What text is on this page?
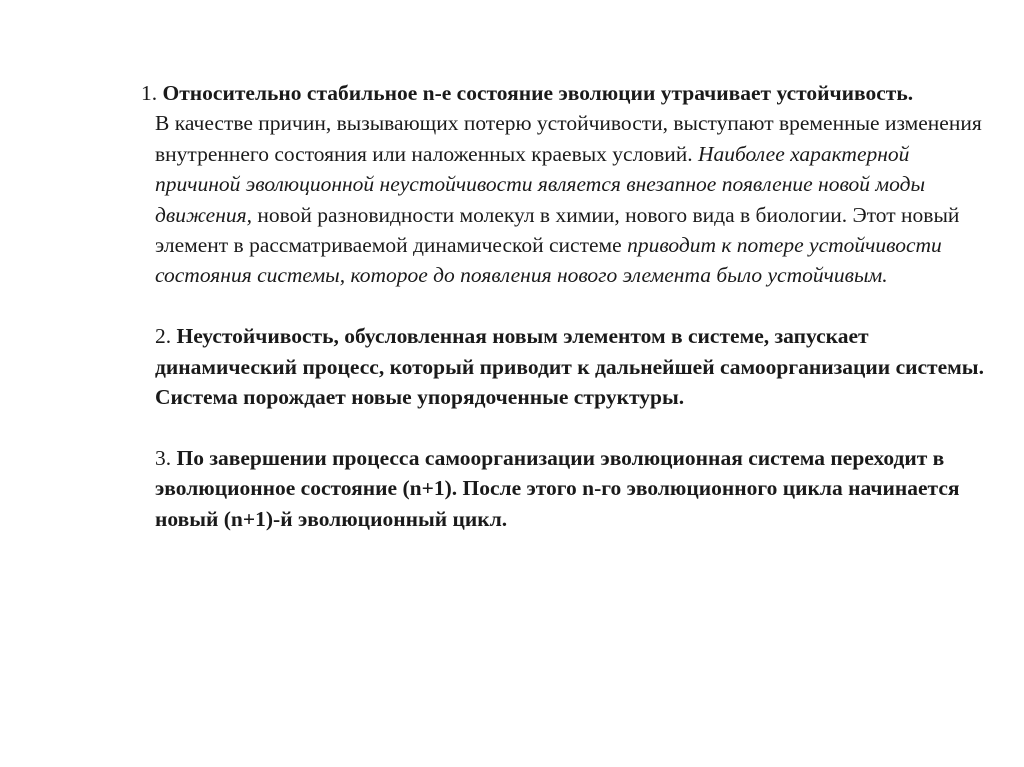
1. Относительно стабильное n-е состояние эволюции утрачивает устойчивость.
В качестве причин, вызывающих потерю устойчивости, выступают временные изменения внутреннего состояния или наложенных краевых условий. Наиболее характерной причиной эволюционной неустойчивости является внезапное появление новой моды движения, новой разновидности молекул в химии, нового вида в биологии. Этот новый элемент в рассматриваемой динамической системе приводит к потере устойчивости состояния системы, которое до появления нового элемента было устойчивым.

2. Неустойчивость, обусловленная новым элементом в системе, запускает динамический процесс, который приводит к дальнейшей самоорганизации системы. Система порождает новые упорядоченные структуры.

3. По завершении процесса самоорганизации эволюционная система переходит в эволюционное состояние (n+1). После этого n-го эволюционного цикла начинается новый (n+1)-й эволюционный цикл.
